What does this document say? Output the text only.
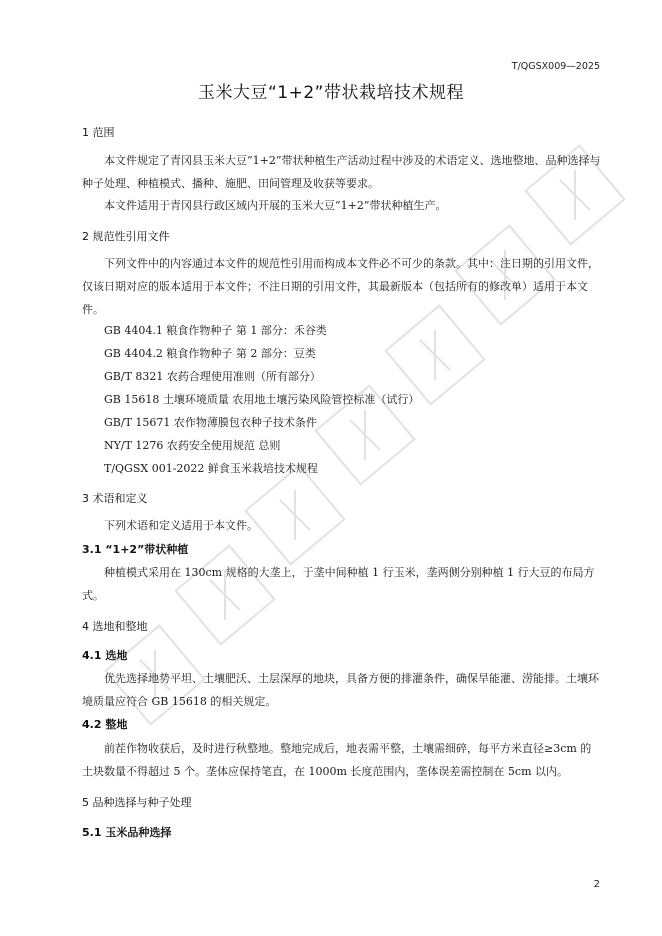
T/QGSX009—2025
玉米大豆“1+2”带状栽培技术规程
1 范围
本文件规定了青冈县玉米大豆“1+2”带状种植生产活动过程中涉及的术语定义、选地整地、品种选择与种子处理、种植模式、播种、施肥、田间管理及收获等要求。
本文件适用于青冈县行政区域内开展的玉米大豆“1+2”带状种植生产。
2 规范性引用文件
下列文件中的内容通过本文件的规范性引用而构成本文件必不可少的条款。其中：注日期的引用文件，仅该日期对应的版本适用于本文件；不注日期的引用文件，其最新版本（包括所有的修改单）适用于本文件。
GB 4404.1 粮食作物种子 第 1 部分：禾谷类
GB 4404.2 粮食作物种子 第 2 部分：豆类
GB/T 8321 农药合理使用准则（所有部分）
GB 15618 土壤环境质量 农用地土壤污染风险管控标准（试行）
GB/T 15671 农作物薄膜包衣种子技术条件
NY/T 1276 农药安全使用规范 总则
T/QGSX 001-2022 鲜食玉米栽培技术规程
3 术语和定义
下列术语和定义适用于本文件。
3.1 “1+2”带状种植
种植模式采用在 130cm 规格的大垄上，于垄中间种植 1 行玉米，垄两侧分别种植 1 行大豆的布局方式。
4 选地和整地
4.1 选地
优先选择地势平坦、土壤肥沃、土层深厚的地块，具备方便的排灌条件，确保旱能灌、涝能排。土壤环境质量应符合 GB 15618 的相关规定。
4.2 整地
前茬作物收获后，及时进行秋整地。整地完成后，地表需平整，土壤需细碎，每平方米直径≥3cm 的土块数量不得超过 5 个。垄体应保持笔直，在 1000m 长度范围内，垄体误差需控制在 5cm 以内。
5 品种选择与种子处理
5.1 玉米品种选择
2
